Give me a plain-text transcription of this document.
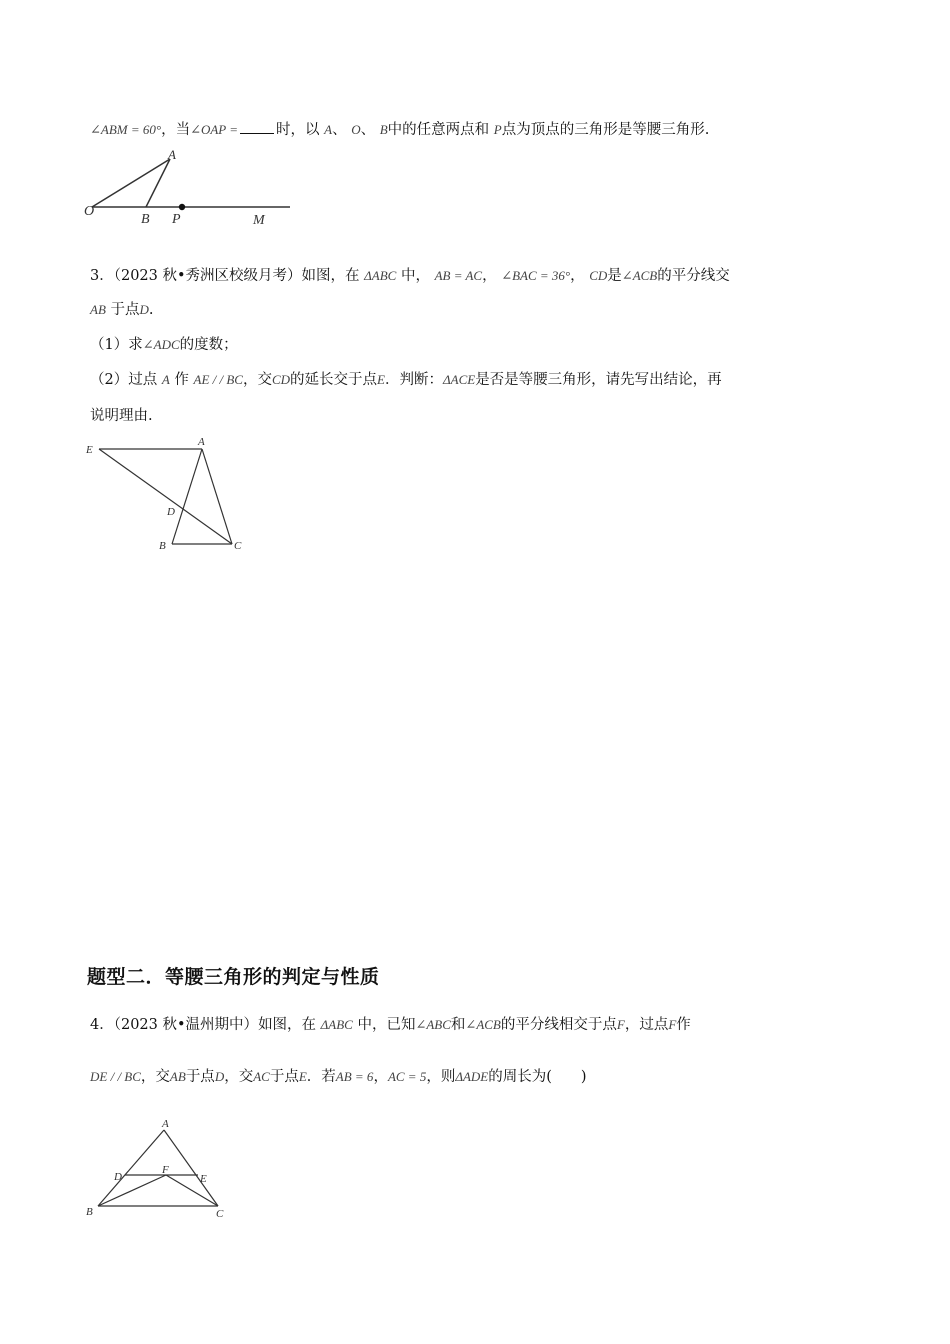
∠ABM = 60°，当∠OAP =	时，以 A、 O、 B中的任意两点和 P点为顶点的三角形是等腰三角形.
A
O
B P	M
3．（2023 秋•秀洲区校级月考）如图，在 ΔABC 中， AB = AC， ∠BAC = 36°， CD是∠ACB的平分线交
AB 于点D.
（1）求∠ADC的度数；
（2）过点 A 作 AE / / BC，交CD的延长交于点E．判断：ΔACE是否是等腰三角形，请先写出结论，再
说明理由.
E
A
D
B	C
题型二．等腰三角形的判定与性质
4．（2023 秋•温州期中）如图，在 ΔABC 中，已知∠ABC和∠ACB的平分线相交于点F，过点F作
DE / / BC，交AB于点D，交AC于点E．若AB = 6，AC = 5，则ΔADE的周长为(　　)
A
D
F
E
B	C
